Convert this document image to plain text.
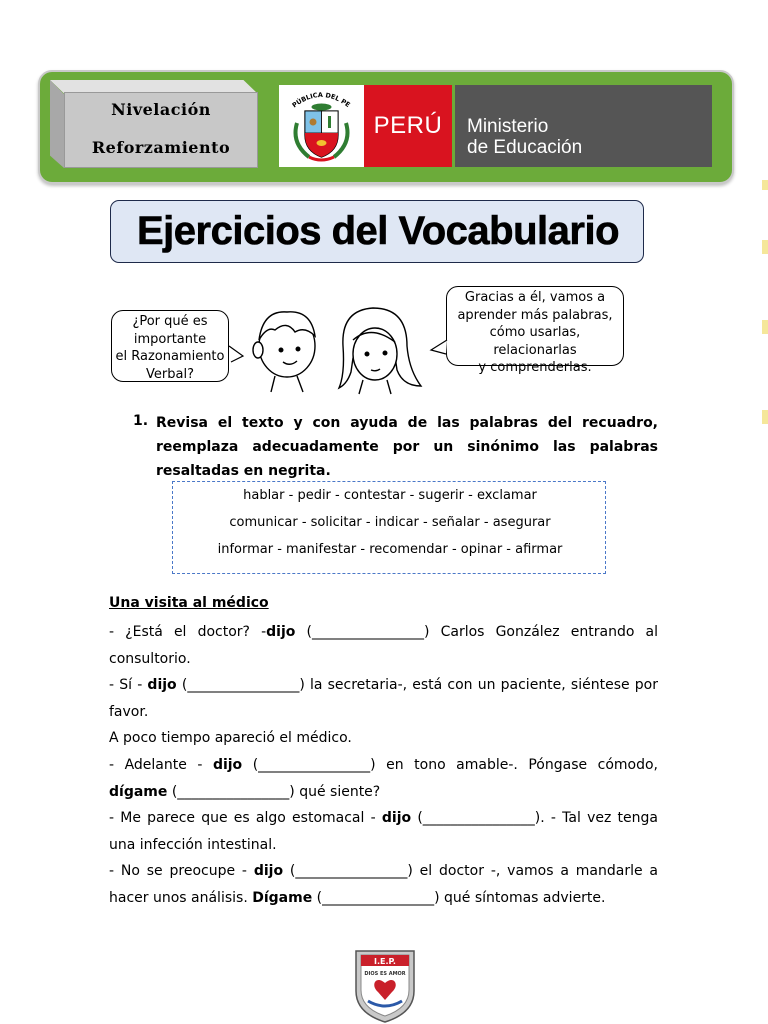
Nivelación
Reforzamiento
PÚBLICA DEL PE
PERÚ	Ministerio
de Educación
Ejercicios del Vocabulario
¿Por qué es
importante
el Razonamiento
Verbal?
Gracias a él, vamos a
aprender más palabras,
cómo usarlas, relacionarlas
y comprenderlas.
1. Revisa el texto y con ayuda de las palabras del recuadro, reemplaza adecuadamente por un sinónimo las palabras resaltadas en negrita.
hablar - pedir - contestar - sugerir - exclamar
comunicar - solicitar - indicar - señalar - asegurar
informar - manifestar - recomendar - opinar - afirmar
Una visita al médico

- ¿Está el doctor? -dijo (________________) Carlos González entrando al consultorio.

- Sí - dijo (________________) la secretaria-, está con un paciente, siéntese por favor.

A poco tiempo apareció el médico.

- Adelante - dijo (________________) en tono amable-. Póngase cómodo, dígame (________________) qué siente?

- Me parece que es algo estomacal - dijo (________________). - Tal vez tenga una infección intestinal.

- No se preocupe - dijo (________________) el doctor -, vamos a mandarle a hacer unos análisis. Dígame (________________) qué síntomas advierte.

I.E.P.
DIOS ES AMOR
